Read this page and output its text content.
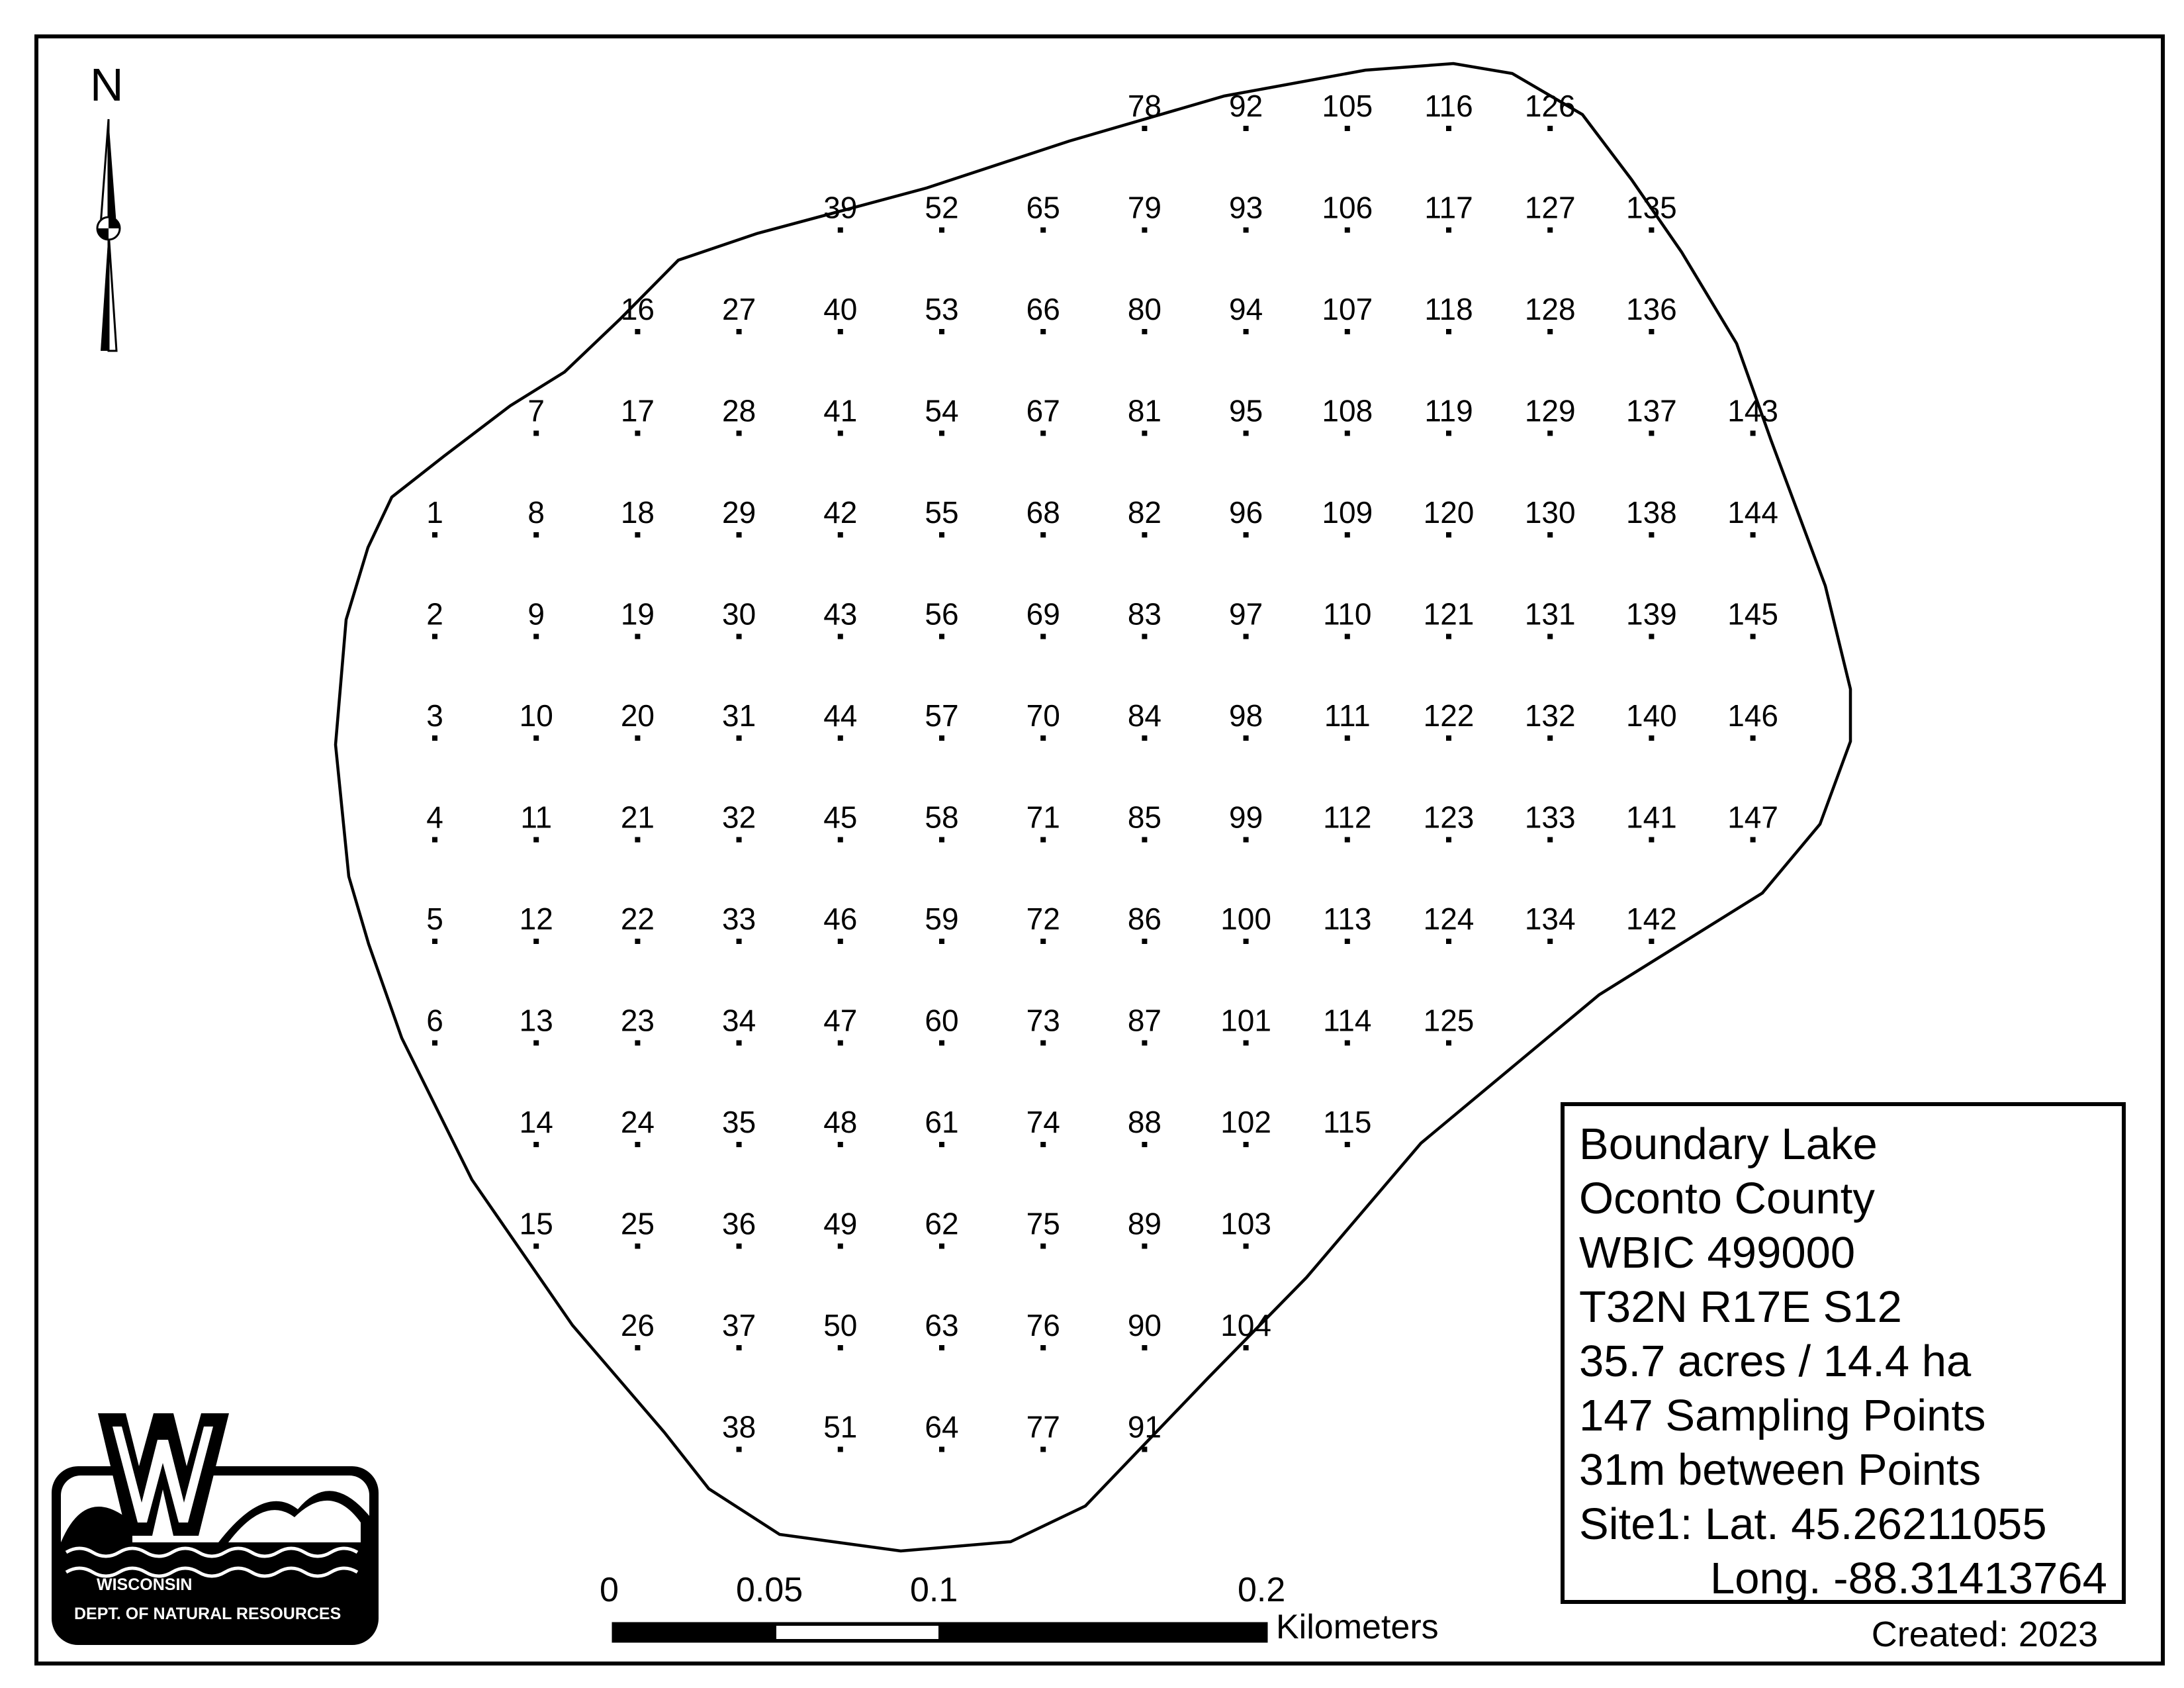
1
2
3
4
5
6
7
8
9
10
11
12
13
14
15
16
17
18
19
20
21
22
23
24
25
26
27
28
29
30
31
32
33
34
35
36
37
38
39
40
41
42
43
44
45
46
47
48
49
50
51
52
53
54
55
56
57
58
59
60
61
62
63
64
65
66
67
68
69
70
71
72
73
74
75
76
77
78
79
80
81
82
83
84
85
86
87
88
89
90
91
92
93
94
95
96
97
98
99
100
101
102
103
104
105
106
107
108
109
110
111
112
113
114
115
116
117
118
119
120
121
122
123
124
125
126
127
128
129
130
131
132
133
134
135
136
137
138
139
140
141
142
143
144
145
146
147
N
WISCONSIN
DEPT. OF NATURAL RESOURCES
0	0.05	0.1	0.2
Kilometers
Boundary Lake
Oconto County
WBIC 499000
T32N R17E S12
35.7 acres / 14.4 ha
147 Sampling Points
31m between Points
Site1: Lat. 45.26211055
Long. -88.31413764
Created: 2023
